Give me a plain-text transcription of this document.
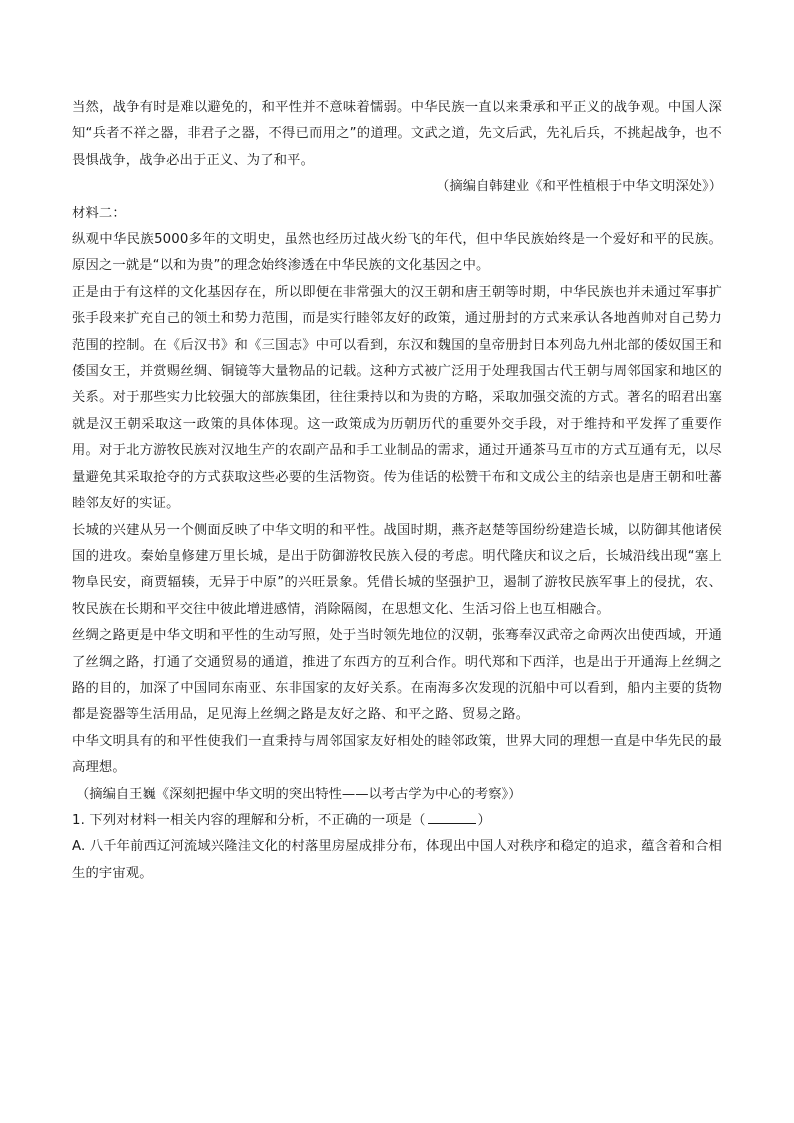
当然，战争有时是难以避免的，和平性并不意味着懦弱。中华民族一直以来秉承和平正义的战争观。中国人深知“兵者不祥之器，非君子之器，不得已而用之”的道理。文武之道，先文后武，先礼后兵，不挑起战争，也不畏惧战争，战争必出于正义、为了和平。

（摘编自韩建业《和平性植根于中华文明深处》）

材料二：

纵观中华民族5000多年的文明史，虽然也经历过战火纷飞的年代，但中华民族始终是一个爱好和平的民族。原因之一就是“以和为贵”的理念始终渗透在中华民族的文化基因之中。

正是由于有这样的文化基因存在，所以即便在非常强大的汉王朝和唐王朝等时期，中华民族也并未通过军事扩张手段来扩充自己的领土和势力范围，而是实行睦邻友好的政策，通过册封的方式来承认各地酋帅对自己势力范围的控制。在《后汉书》和《三国志》中可以看到，东汉和魏国的皇帝册封日本列岛九州北部的倭奴国王和倭国女王，并赏赐丝绸、铜镜等大量物品的记载。这种方式被广泛用于处理我国古代王朝与周邻国家和地区的关系。对于那些实力比较强大的部族集团，往往秉持以和为贵的方略，采取加强交流的方式。著名的昭君出塞就是汉王朝采取这一政策的具体体现。这一政策成为历朝历代的重要外交手段，对于维持和平发挥了重要作用。对于北方游牧民族对汉地生产的农副产品和手工业制品的需求，通过开通茶马互市的方式互通有无，以尽量避免其采取抢夺的方式获取这些必要的生活物资。传为佳话的松赞干布和文成公主的结亲也是唐王朝和吐蕃睦邻友好的实证。

长城的兴建从另一个侧面反映了中华文明的和平性。战国时期，燕齐赵楚等国纷纷建造长城，以防御其他诸侯国的进攻。秦始皇修建万里长城，是出于防御游牧民族入侵的考虑。明代隆庆和议之后，长城沿线出现“塞上物阜民安，商贾辐辏，无异于中原”的兴旺景象。凭借长城的坚强护卫，遏制了游牧民族军事上的侵扰，农、牧民族在长期和平交往中彼此增进感情，消除隔阂，在思想文化、生活习俗上也互相融合。

丝绸之路更是中华文明和平性的生动写照，处于当时领先地位的汉朝，张骞奉汉武帝之命两次出使西域，开通了丝绸之路，打通了交通贸易的通道，推进了东西方的互利合作。明代郑和下西洋，也是出于开通海上丝绸之路的目的，加深了中国同东南亚、东非国家的友好关系。在南海多次发现的沉船中可以看到，船内主要的货物都是瓷器等生活用品，足见海上丝绸之路是友好之路、和平之路、贸易之路。

中华文明具有的和平性使我们一直秉持与周邻国家友好相处的睦邻政策，世界大同的理想一直是中华先民的最高理想。

（摘编自王巍《深刻把握中华文明的突出特性——以考古学为中心的考察》）

1. 下列对材料一相关内容的理解和分析，不正确的一项是（	）

A. 八千年前西辽河流域兴隆洼文化的村落里房屋成排分布，体现出中国人对秩序和稳定的追求，蕴含着和合相生的宇宙观。
